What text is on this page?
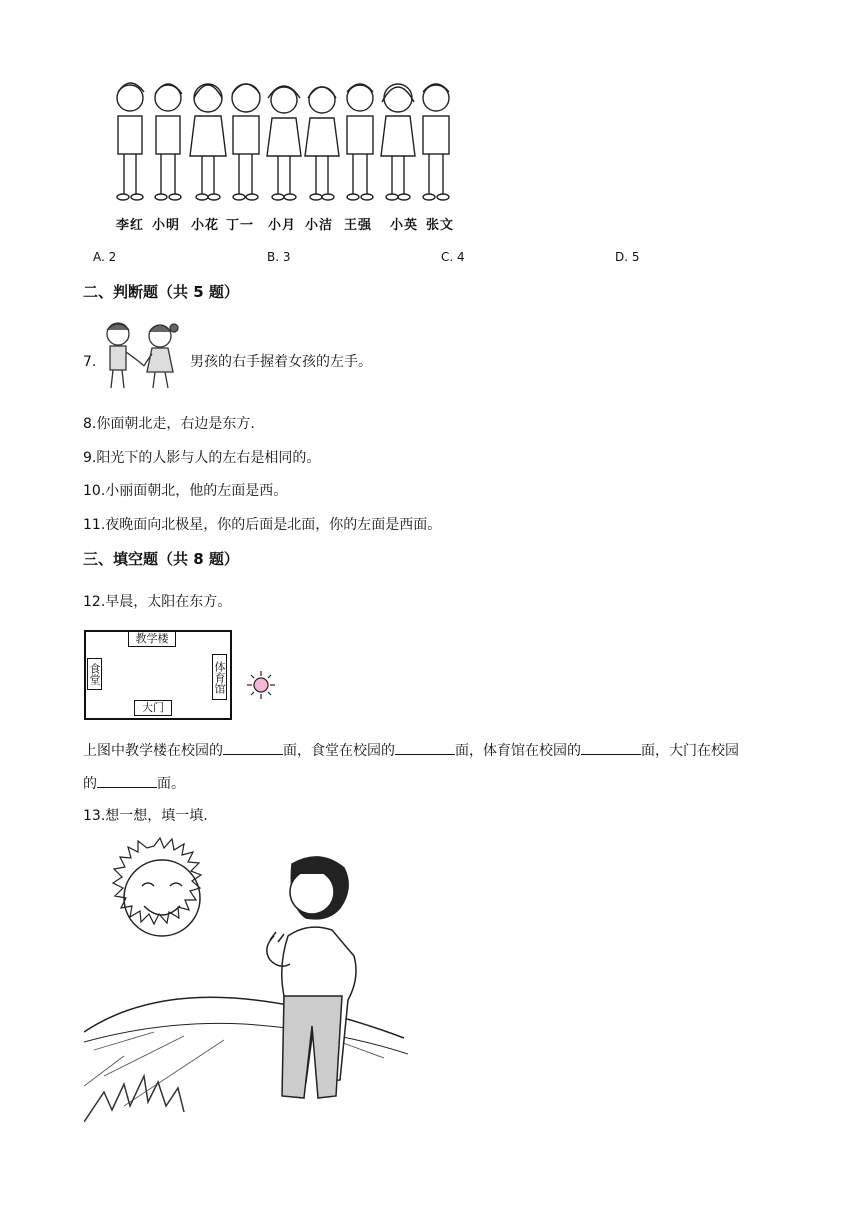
李红 小明 小花 丁一 小月 小洁 王强 小英 张文
A. 2	B. 3	C. 4	D. 5
二、判断题（共 5 题）
7.	男孩的右手握着女孩的左手。
8.你面朝北走，右边是东方.
9.阳光下的人影与人的左右是相同的。
10.小丽面朝北，他的左面是西。
11.夜晚面向北极星，你的后面是北面，你的左面是西面。
三、填空题（共 8 题）
12.早晨，太阳在东方。
教学楼
食堂	体育馆
大门
上图中教学楼在校园的	面，食堂在校园的	面，体育馆在校园的	面，大门在校园
的	面。
13.想一想，填一填.
